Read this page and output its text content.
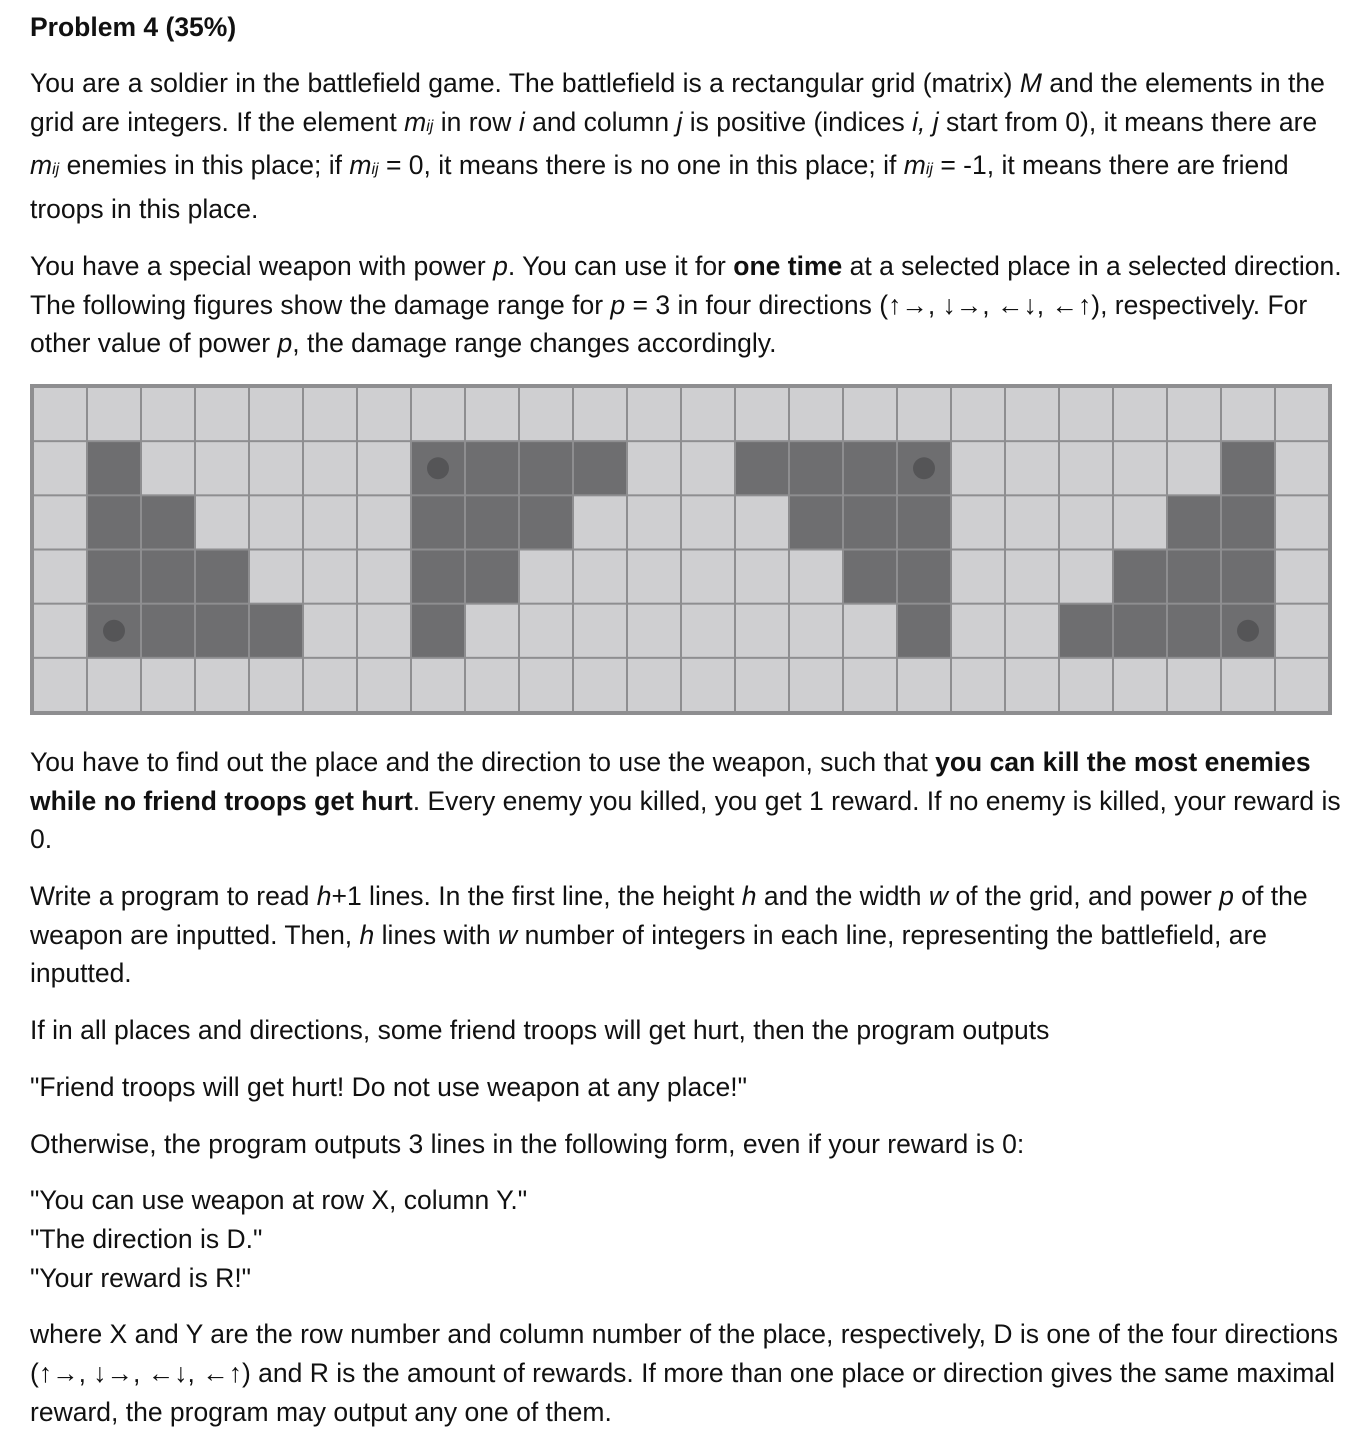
Problem 4 (35%)

You are a soldier in the battlefield game. The battlefield is a rectangular grid (matrix) M and the elements in the grid are integers. If the element mij in row i and column j is positive (indices i, j start from 0), it means there are mij enemies in this place; if mij = 0, it means there is no one in this place; if mij = -1, it means there are friend troops in this place.

You have a special weapon with power p. You can use it for one time at a selected place in a selected direction. The following figures show the damage range for p = 3 in four directions (↑→, ↓→, ←↓, ←↑), respectively. For other value of power p, the damage range changes accordingly.

You have to find out the place and the direction to use the weapon, such that you can kill the most enemies while no friend troops get hurt. Every enemy you killed, you get 1 reward. If no enemy is killed, your reward is 0.

Write a program to read h+1 lines. In the first line, the height h and the width w of the grid, and power p of the weapon are inputted. Then, h lines with w number of integers in each line, representing the battlefield, are inputted.

If in all places and directions, some friend troops will get hurt, then the program outputs

"Friend troops will get hurt! Do not use weapon at any place!"

Otherwise, the program outputs 3 lines in the following form, even if your reward is 0:

"You can use weapon at row X, column Y."

"The direction is D."

"Your reward is R!"

where X and Y are the row number and column number of the place, respectively, D is one of the four directions (↑→, ↓→, ←↓, ←↑) and R is the amount of rewards. If more than one place or direction gives the same maximal reward, the program may output any one of them.
